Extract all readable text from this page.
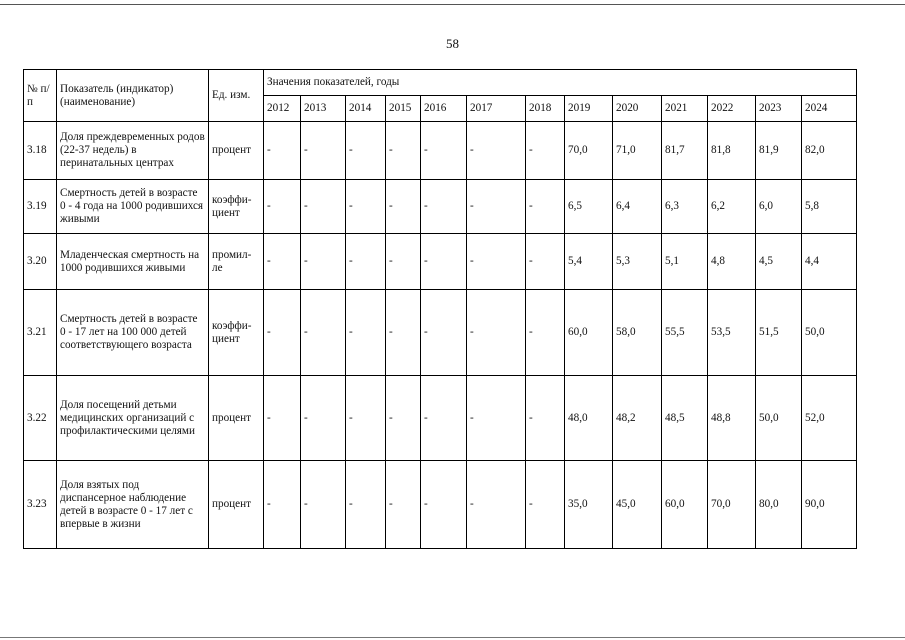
58
№ п/п	Показатель (индикатор) (наименование)	Ед. изм.	Значения показателей, годы												
			2012	2013	2014	2015	2016	2017	2018	2019	2020	2021	2022	2023	2024
3.18	Доля преждевременных родов (22-37 недель) в перинатальных центрах	процент	-	-	-	-	-	-	-	70,0	71,0	81,7	81,8	81,9	82,0
3.19	Смертность детей в возрасте 0 - 4 года на 1000 родившихся живыми	коэффи-циент	-	-	-	-	-	-	-	6,5	6,4	6,3	6,2	6,0	5,8
3.20	Младенческая смертность на 1000 родившихся живыми	промил-ле	-	-	-	-	-	-	-	5,4	5,3	5,1	4,8	4,5	4,4
3.21	Смертность детей в возрасте 0 - 17 лет на 100 000 детей соответствующего возраста	коэффи-циент	-	-	-	-	-	-	-	60,0	58,0	55,5	53,5	51,5	50,0
3.22	Доля посещений детьми медицинских организаций с профилактическими целями	процент	-	-	-	-	-	-	-	48,0	48,2	48,5	48,8	50,0	52,0
3.23	Доля взятых под диспансерное наблюдение детей в возрасте 0 - 17 лет с впервые в жизни	процент	-	-	-	-	-	-	-	35,0	45,0	60,0	70,0	80,0	90,0
